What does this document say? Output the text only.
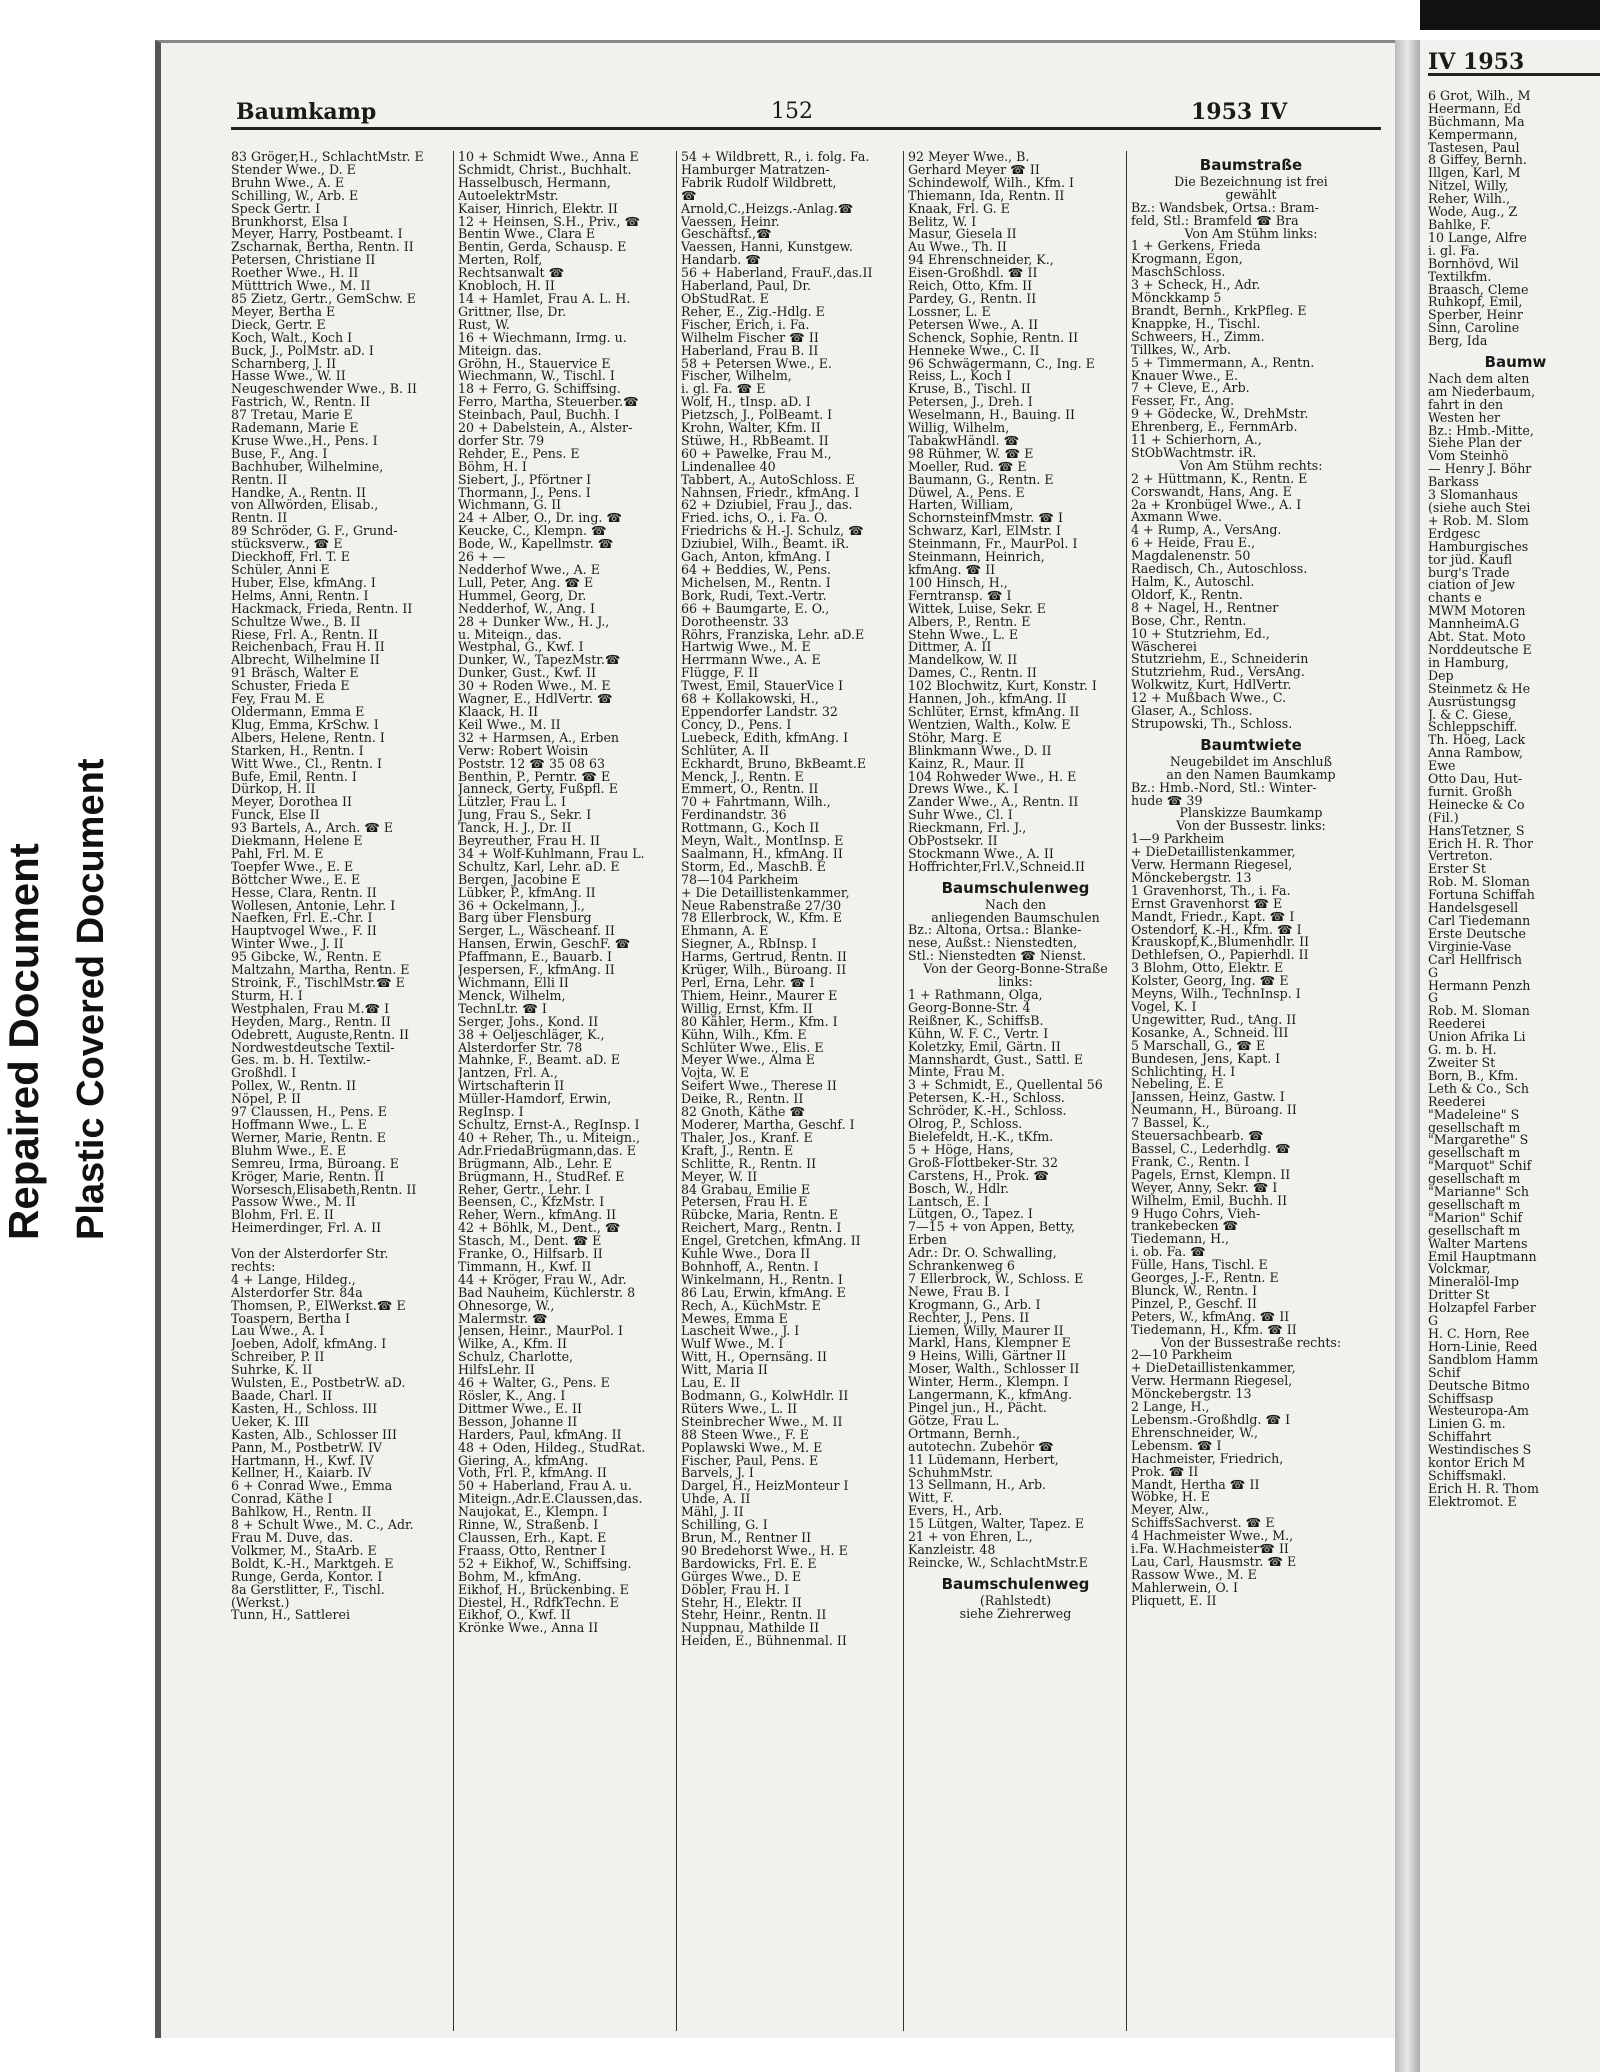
Repaired Document Plastic Covered Document
Baumkamp	152	1953 IV
83 Gröger,H., SchlachtMstr. E
Stender Wwe., D. E
Bruhn Wwe., A. E
Schilling, W., Arb. E
Speck Gertr. I
Brunkhorst, Elsa I
Meyer, Harry, Postbeamt. I
Zscharnak, Bertha, Rentn. II
Petersen, Christiane II
Roether Wwe., H. II
Mütttrich Wwe., M. II
85 Zietz, Gertr., GemSchw. E
Meyer, Bertha E
Dieck, Gertr. E
Koch, Walt., Koch I
Buck, J., PolMstr. aD. I
Scharnberg, J. II
Hasse Wwe., W. II
Neugeschwender Wwe., B. II
Fastrich, W., Rentn. II
87 Tretau, Marie E
Rademann, Marie E
Kruse Wwe.,H., Pens. I
Buse, F., Ang. I
Bachhuber, Wilhelmine,
Rentn. II
Handke, A., Rentn. II
von Allwörden, Elisab.,
Rentn. II
89 Schröder, G. F., Grund-
stücksverw., ☎ E
Dieckhoff, Frl. T. E
Schüler, Anni E
Huber, Else, kfmAng. I
Helms, Anni, Rentn. I
Hackmack, Frieda, Rentn. II
Schultze Wwe., B. II
Riese, Frl. A., Rentn. II
Reichenbach, Frau H. II
Albrecht, Wilhelmine II
91 Bräsch, Walter E
Schuster, Frieda E
Fey, Frau M. E
Oldermann, Emma E
Klug, Emma, KrSchw. I
Albers, Helene, Rentn. I
Starken, H., Rentn. I
Witt Wwe., Cl., Rentn. I
Bufe, Emil, Rentn. I
Dürkop, H. II
Meyer, Dorothea II
Funck, Else II
93 Bartels, A., Arch. ☎ E
Diekmann, Helene E
Pahl, Frl. M. E
Toepfer Wwe., E. E
Böttcher Wwe., E. E
Hesse, Clara, Rentn. II
Wollesen, Antonie, Lehr. I
Naefken, Frl. E.-Chr. I
Hauptvogel Wwe., F. II
Winter Wwe., J. II
95 Gibcke, W., Rentn. E
Maltzahn, Martha, Rentn. E
Stroink, F., TischlMstr.☎ E
Sturm, H. I
Westphalen, Frau M.☎ I
Heyden, Marg., Rentn. II
Odebrett, Auguste,Rentn. II
Nordwestdeutsche Textil-
Ges. m. b. H. Textilw.-
Großhdl. I
Pollex, W., Rentn. II
Nöpel, P. II
97 Claussen, H., Pens. E
Hoffmann Wwe., L. E
Werner, Marie, Rentn. E
Bluhm Wwe., E. E
Semreu, Irma, Büroang. E
Kröger, Marie, Rentn. II
Worsesch,Elisabeth,Rentn. II
Passow Wwe., M. II
Blohm, Frl. E. II
Heimerdinger, Frl. A. II

Von der Alsterdorfer Str.
rechts:
4 + Lange, Hildeg.,
Alsterdorfer Str. 84a
Thomsen, P., ElWerkst.☎ E
Toaspern, Bertha I
Lau Wwe., A. I
Joeben, Adolf, kfmAng. I
Schreiber, P. II
Suhrke, K. II
Wulsten, E., PostbetrW. aD.
Baade, Charl. II
Kasten, H., Schloss. III
Ueker, K. III
Kasten, Alb., Schlosser III
Pann, M., PostbetrW. IV
Hartmann, H., Kwf. IV
Kellner, H., Kaiarb. IV
6 + Conrad Wwe., Emma
Conrad, Käthe I
Bahlkow, H., Rentn. II
8 + Schult Wwe., M. C., Adr.
Frau M. Duve, das.
Volkmer, M., StaArb. E
Boldt, K.-H., Marktgeh. E
Runge, Gerda, Kontor. I
8a Gerstlitter, F., Tischl.
(Werkst.)
Tunn, H., Sattlerei
10 + Schmidt Wwe., Anna E
Schmidt, Christ., Buchhalt.
Hasselbusch, Hermann,
AutoelektrMstr.
Kaiser, Hinrich, Elektr. II
12 + Heinsen, S.H., Priv., ☎
Bentin Wwe., Clara E
Bentin, Gerda, Schausp. E
Merten, Rolf,
Rechtsanwalt ☎
Knobloch, H. II
14 + Hamlet, Frau A. L. H.
Grittner, Ilse, Dr.
Rust, W.
16 + Wiechmann, Irmg. u.
Miteign. das.
Gröhn, H., Stauervice E
Wiechmann, W., Tischl. I
18 + Ferro, G. Schiffsing.
Ferro, Martha, Steuerber.☎
Steinbach, Paul, Buchh. I
20 + Dabelstein, A., Alster-
dorfer Str. 79
Rehder, E., Pens. E
Böhm, H. I
Siebert, J., Pförtner I
Thormann, J., Pens. I
Wichmann, G. II
24 + Alber, O., Dr. ing. ☎
Keucke, C., Klempn. ☎
Bode, W., Kapellmstr. ☎
26 + —
Nedderhof Wwe., A. E
Lull, Peter, Ang. ☎ E
Hummel, Georg, Dr.
Nedderhof, W., Ang. I
28 + Dunker Ww., H. J.,
u. Miteign., das.
Westphal, G., Kwf. I
Dunker, W., TapezMstr.☎
Dunker, Gust., Kwf. II
30 + Roden Wwe., M. E
Wagner, E., HdlVertr. ☎
Klaack, H. II
Keil Wwe., M. II
32 + Harmsen, A., Erben
Verw: Robert Woisin
Poststr. 12 ☎ 35 08 63
Benthin, P., Perntr. ☎ E
Janneck, Gerty, Fußpfl. E
Lützler, Frau L. I
Jung, Frau S., Sekr. I
Tanck, H. J., Dr. II
Beyreuther, Frau H. II
34 + Wolf-Kuhlmann, Frau L.
Schultz, Karl, Lehr. aD. E
Bergen, Jacobine E
Lübker, P., kfmAng. II
36 + Ockelmann, J.,
Barg über Flensburg
Serger, L., Wäscheanf. II
Hansen, Erwin, GeschF. ☎
Pfaffmann, E., Bauarb. I
Jespersen, F., kfmAng. II
Wichmann, Elli II
Menck, Wilhelm,
TechnLtr. ☎ I
Serger, Johs., Kond. II
38 + Oeljeschläger, K.,
Alsterdorfer Str. 78
Mahnke, F., Beamt. aD. E
Jantzen, Frl. A.,
Wirtschafterin II
Müller-Hamdorf, Erwin,
RegInsp. I
Schultz, Ernst-A., RegInsp. I
40 + Reher, Th., u. Miteign.,
Adr.FriedaBrügmann,das. E
Brügmann, Alb., Lehr. E
Brügmann, H., StudRef. E
Reher, Gertr., Lehr. I
Beensen, C., KfzMstr. I
Reher, Wern., kfmAng. II
42 + Böhlk, M., Dent., ☎
Stasch, M., Dent. ☎ E
Franke, O., Hilfsarb. II
Timmann, H., Kwf. II
44 + Kröger, Frau W., Adr.
Bad Nauheim, Küchlerstr. 8
Ohnesorge, W.,
Malermstr. ☎
Jensen, Heinr., MaurPol. I
Wilke, A., Kfm. II
Schulz, Charlotte,
HilfsLehr. II
46 + Walter, G., Pens. E
Rösler, K., Ang. I
Dittmer Wwe., E. II
Besson, Johanne II
Harders, Paul, kfmAng. II
48 + Oden, Hildeg., StudRat.
Giering, A., kfmAng.
Voth, Frl. P., kfmAng. II
50 + Haberland, Frau A. u.
Miteign.,Adr.E.Claussen,das.
Naujokat, E., Klempn. I
Rinne, W., Straßenb. I
Claussen, Erh., Kapt. E
Fraass, Otto, Rentner I
52 + Eikhof, W., Schiffsing.
Bohm, M., kfmAng.
Eikhof, H., Brückenbing. E
Diestel, H., RdfkTechn. E
Eikhof, O., Kwf. II
Krönke Wwe., Anna II
54 + Wildbrett, R., i. folg. Fa.
Hamburger Matratzen-
Fabrik Rudolf Wildbrett,
☎
Arnold,C.,Heizgs.-Anlag.☎
Vaessen, Heinr.
Geschäftsf.,☎
Vaessen, Hanni, Kunstgew.
Handarb. ☎
56 + Haberland, FrauF.,das.II
Haberland, Paul, Dr.
ObStudRat. E
Reher, E., Zig.-Hdlg. E
Fischer, Erich, i. Fa.
Wilhelm Fischer ☎ II
Haberland, Frau B. II
58 + Petersen Wwe., E.
Fischer, Wilhelm,
i. gl. Fa. ☎ E
Wolf, H., tInsp. aD. I
Pietzsch, J., PolBeamt. I
Krohn, Walter, Kfm. II
Stüwe, H., RbBeamt. II
60 + Pawelke, Frau M.,
Lindenallee 40
Tabbert, A., AutoSchloss. E
Nahnsen, Friedr., kfmAng. I
62 + Dziubiel, Frau J., das.
Fried. ichs, O., i. Fa. O.
Friedrichs & H.-J. Schulz, ☎
Dziubiel, Wilh., Beamt. iR.
Gach, Anton, kfmAng. I
64 + Beddies, W., Pens.
Michelsen, M., Rentn. I
Bork, Rudi, Text.-Vertr.
66 + Baumgarte, E. O.,
Dorotheenstr. 33
Röhrs, Franziska, Lehr. aD.E
Hartwig Wwe., M. E
Herrmann Wwe., A. E
Flügge, F. II
Twest, Emil, StauerVice I
68 + Kollakowski, H.,
Eppendorfer Landstr. 32
Concy, D., Pens. I
Luebeck, Edith, kfmAng. I
Schlüter, A. II
Eckhardt, Bruno, BkBeamt.E
Menck, J., Rentn. E
Emmert, O., Rentn. II
70 + Fahrtmann, Wilh.,
Ferdinandstr. 36
Rottmann, G., Koch II
Meyn, Walt., MontInsp. E
Saalmann, H., kfmAng. II
Storm, Ed., MaschB. E
78—104 Parkheim
+ Die Detaillistenkammer,
Neue Rabenstraße 27/30
78 Ellerbrock, W., Kfm. E
Ehmann, A. E
Siegner, A., RbInsp. I
Harms, Gertrud, Rentn. II
Krüger, Wilh., Büroang. II
Perl, Erna, Lehr. ☎ I
Thiem, Heinr., Maurer E
Willig, Ernst, Kfm. II
80 Kähler, Herm., Kfm. I
Kühn, Wilh., Kfm. E
Schlüter Wwe., Elis. E
Meyer Wwe., Alma E
Vojta, W. E
Seifert Wwe., Therese II
Deike, R., Rentn. II
82 Gnoth, Käthe ☎
Moderer, Martha, Geschf. I
Thaler, Jos., Kranf. E
Kraft, J., Rentn. E
Schlitte, R., Rentn. II
Meyer, W. II
84 Grabau, Emilie E
Petersen, Frau H. E
Rübcke, Maria, Rentn. E
Reichert, Marg., Rentn. I
Engel, Gretchen, kfmAng. II
Kuhle Wwe., Dora II
Bohnhoff, A., Rentn. I
Winkelmann, H., Rentn. I
86 Lau, Erwin, kfmAng. E
Rech, A., KüchMstr. E
Mewes, Emma E
Lascheit Wwe., J. I
Wulf Wwe., M. I
Witt, H., Opernsäng. II
Witt, Maria II
Lau, E. II
Bodmann, G., KolwHdlr. II
Rüters Wwe., L. II
Steinbrecher Wwe., M. II
88 Steen Wwe., F. E
Poplawski Wwe., M. E
Fischer, Paul, Pens. E
Barvels, J. I
Dargel, H., HeizMonteur I
Uhde, A. II
Mähl, J. II
Schilling, G. I
Brun, M., Rentner II
90 Bredehorst Wwe., H. E
Bardowicks, Frl. E. E
Gürges Wwe., D. E
Döbler, Frau H. I
Stehr, H., Elektr. II
Stehr, Heinr., Rentn. II
Nuppnau, Mathilde II
Heiden, E., Bühnenmal. II
92 Meyer Wwe., B.
Gerhard Meyer ☎ II
Schindewolf, Wilh., Kfm. I
Thiemann, Ida, Rentn. II
Knaak, Frl. G. E
Belitz, W. I
Masur, Giesela II
Au Wwe., Th. II
94 Ehrenschneider, K.,
Eisen-Großhdl. ☎ II
Reich, Otto, Kfm. II
Pardey, G., Rentn. II
Lossner, L. E
Petersen Wwe., A. II
Schenck, Sophie, Rentn. II
Henneke Wwe., C. II
96 Schwägermann, C., Ing. E
Reiss, L., Koch I
Kruse, B., Tischl. II
Petersen, J., Dreh. I
Weselmann, H., Bauing. II
Willig, Wilhelm,
TabakwHändl. ☎
98 Rühmer, W. ☎ E
Moeller, Rud. ☎ E
Baumann, G., Rentn. E
Düwel, A., Pens. E
Harten, William,
SchornsteinfMmstr. ☎ I
Schwarz, Karl, ElMstr. I
Steinmann, Fr., MaurPol. I
Steinmann, Heinrich,
kfmAng. ☎ II
100 Hinsch, H.,
Ferntransp. ☎ I
Wittek, Luise, Sekr. E
Albers, P., Rentn. E
Stehn Wwe., L. E
Dittmer, A. II
Mandelkow, W. II
Dames, C., Rentn. II
102 Blochwitz, Kurt, Konstr. I
Hannen, Joh., kfmAng. II
Schlüter, Ernst, kfmAng. II
Wentzien, Walth., Kolw. E
Stöhr, Marg. E
Blinkmann Wwe., D. II
Kainz, R., Maur. II
104 Rohweder Wwe., H. E
Drews Wwe., K. I
Zander Wwe., A., Rentn. II
Suhr Wwe., Cl. I
Rieckmann, Frl. J.,
ObPostsekr. II
Stockmann Wwe., A. II
Hoffrichter,Frl.V.,Schneid.II
Baumschulenweg
Nach den
anliegenden Baumschulen
Bz.: Altona, Ortsa.: Blanke-
nese, Außst.: Nienstedten,
Stl.: Nienstedten ☎ Nienst.
Von der Georg-Bonne-Straße
links:
1 + Rathmann, Olga,
Georg-Bonne-Str. 4
Reißner, K., SchiffsB.
Kühn, W. F. C., Vertr. I
Koletzky, Emil, Gärtn. II
Mannshardt, Gust., Sattl. E
Minte, Frau M.
3 + Schmidt, E., Quellental 56
Petersen, K.-H., Schloss.
Schröder, K.-H., Schloss.
Olrog, P., Schloss.
Bielefeldt, H.-K., tKfm.
5 + Höge, Hans,
Groß-Flottbeker-Str. 32
Carstens, H., Prok. ☎
Bosch, W., Hdlr.
Lantsch, E. I
Lütgen, O., Tapez. I
7—15 + von Appen, Betty,
Erben
Adr.: Dr. O. Schwalling,
Schrankenweg 6
7 Ellerbrock, W., Schloss. E
Newe, Frau B. I
Krogmann, G., Arb. I
Rechter, J., Pens. II
Liemen, Willy, Maurer II
Markl, Hans, Klempner E
9 Heins, Willi, Gärtner II
Moser, Walth., Schlosser II
Winter, Herm., Klempn. I
Langermann, K., kfmAng.
Pingel jun., H., Pächt.
Götze, Frau L.
Ortmann, Bernh.,
autotechn. Zubehör ☎
11 Lüdemann, Herbert,
SchuhmMstr.
13 Sellmann, H., Arb.
Witt, F.
Evers, H., Arb.
15 Lütgen, Walter, Tapez. E
21 + von Ehren, L.,
Kanzleistr. 48
Reincke, W., SchlachtMstr.E
Baumschulenweg
(Rahlstedt)
siehe Ziehrerweg
Baumstraße
Die Bezeichnung ist frei
gewählt
Bz.: Wandsbek, Ortsa.: Bram-
feld, Stl.: Bramfeld ☎ Bra
Von Am Stühm links:
1 + Gerkens, Frieda
Krogmann, Egon,
MaschSchloss.
3 + Scheck, H., Adr.
Mönckkamp 5
Brandt, Bernh., KrkPfleg. E
Knappke, H., Tischl.
Schweers, H., Zimm.
Tillkes, W., Arb.
5 + Timmermann, A., Rentn.
Knauer Wwe., E.
7 + Cleve, E., Arb.
Fesser, Fr., Ang.
9 + Gödecke, W., DrehMstr.
Ehrenberg, E., FernmArb.
11 + Schierhorn, A.,
StObWachtmstr. iR.
Von Am Stühm rechts:
2 + Hüttmann, K., Rentn. E
Corswandt, Hans, Ang. E
2a + Kronbügel Wwe., A. I
Axmann Wwe.
4 + Rump, A., VersAng.
6 + Heide, Frau E.,
Magdalenenstr. 50
Raedisch, Ch., Autoschloss.
Halm, K., Autoschl.
Oldorf, K., Rentn.
8 + Nagel, H., Rentner
Bose, Chr., Rentn.
10 + Stutzriehm, Ed.,
Wäscherei
Stutzriehm, E., Schneiderin
Stutzriehm, Rud., VersAng.
Wolkwitz, Kurt, HdlVertr.
12 + Mußbach Wwe., C.
Glaser, A., Schloss.
Strupowski, Th., Schloss.
Baumtwiete
Neugebildet im Anschluß
an den Namen Baumkamp
Bz.: Hmb.-Nord, Stl.: Winter-
hude ☎ 39
Planskizze Baumkamp
Von der Bussestr. links:
1—9 Parkheim
+ DieDetaillistenkammer,
Verw. Hermann Riegesel,
Mönckebergstr. 13
1 Gravenhorst, Th., i. Fa.
Ernst Gravenhorst ☎ E
Mandt, Friedr., Kapt. ☎ I
Ostendorf, K.-H., Kfm. ☎ I
Krauskopf,K.,Blumenhdlr. II
Dethlefsen, O., Papierhdl. II
3 Blohm, Otto, Elektr. E
Kolster, Georg, Ing. ☎ E
Meyns, Wilh., TechnInsp. I
Vogel, K. I
Ungewitter, Rud., tAng. II
Kosanke, A., Schneid. III
5 Marschall, G., ☎ E
Bundesen, Jens, Kapt. I
Schlichting, H. I
Nebeling, E. E
Janssen, Heinz, Gastw. I
Neumann, H., Büroang. II
7 Bassel, K.,
Steuersachbearb. ☎
Bassel, C., Lederhdlg. ☎
Frank, C., Rentn. I
Pagels, Ernst, Klempn. II
Weyer, Anny, Sekr. ☎ I
Wilhelm, Emil, Buchh. II
9 Hugo Cohrs, Vieh-
trankebecken ☎
Tiedemann, H.,
i. ob. Fa. ☎
Fülle, Hans, Tischl. E
Georges, J.-F., Rentn. E
Blunck, W., Rentn. I
Pinzel, P., Geschf. II
Peters, W., kfmAng. ☎ II
Tiedemann, H., Kfm. ☎ II
Von der Bussestraße rechts:
2—10 Parkheim
+ DieDetaillistenkammer,
Verw. Hermann Riegesel,
Mönckebergstr. 13
2 Lange, H.,
Lebensm.-Großhdlg. ☎ I
Ehrenschneider, W.,
Lebensm. ☎ I
Hachmeister, Friedrich,
Prok. ☎ II
Mandt, Hertha ☎ II
Wöbke, H. E
Meyer, Alw.,
SchiffsSachverst. ☎ E
4 Hachmeister Wwe., M.,
i.Fa. W.Hachmeister☎ II
Lau, Carl, Hausmstr. ☎ E
Rassow Wwe., M. E
Mahlerwein, O. I
Pliquett, E. II
IV 1953
6 Grot, Wilh., M
Heermann, Ed
Büchmann, Ma
Kempermann,
Tastesen, Paul
8 Giffey, Bernh.
Illgen, Karl, M
Nitzel, Willy,
Reher, Wilh.,
Wode, Aug., Z
Bahlke, F.
10 Lange, Alfre
i. gl. Fa.
Bornhövd, Wil
Textilkfm.
Braasch, Cleme
Ruhkopf, Emil,
Sperber, Heinr
Sinn, Caroline
Berg, Ida
Baumw
Nach dem alten
am Niederbaum,
fahrt in den
Westen her
Bz.: Hmb.-Mitte,
Siehe Plan der
Vom Steinhö
— Henry J. Böhr
Barkass
3 Slomanhaus
(siehe auch Stei
+ Rob. M. Slom
Erdgesc
Hamburgisches
tor jüd. Kaufl
burg's Trade
ciation of Jew
chants e
MWM Motoren
MannheimA.G
Abt. Stat. Moto
Norddeutsche E
in Hamburg,
Dep
Steinmetz & He
Ausrüstungsg
J. & C. Giese,
Schleppschiff.
Th. Höeg, Lack
Anna Rambow,
Ewe
Otto Dau, Hut-
furnit. Großh
Heinecke & Co
(Fil.)
HansTetzner, S
Erich H. R. Thor
Vertreton.
Erster St
Rob. M. Sloman
Fortuna Schiffah
Handelsgesell
Carl Tiedemann
Erste Deutsche
Virginie-Vase
Carl Hellfrisch
G
Hermann Penzh
G
Rob. M. Sloman
Reederei
Union Afrika Li
G. m. b. H.
Zweiter St
Born, B., Kfm.
Leth & Co., Sch
Reederei
"Madeleine" S
gesellschaft m
"Margarethe" S
gesellschaft m
"Marquot" Schif
gesellschaft m
"Marianne" Sch
gesellschaft m
"Marion" Schif
gesellschaft m
Walter Martens
Emil Hauptmann
Volckmar,
Mineralöl-Imp
Dritter St
Holzapfel Farber
G
H. C. Horn, Ree
Horn-Linie, Reed
Sandblom Hamm
Schif
Deutsche Bitmo
Schiffsasp
Westeuropa-Am
Linien G. m.
Schiffahrt
Westindisches S
kontor Erich M
Schiffsmakl.
Erich H. R. Thom
Elektromot. E
